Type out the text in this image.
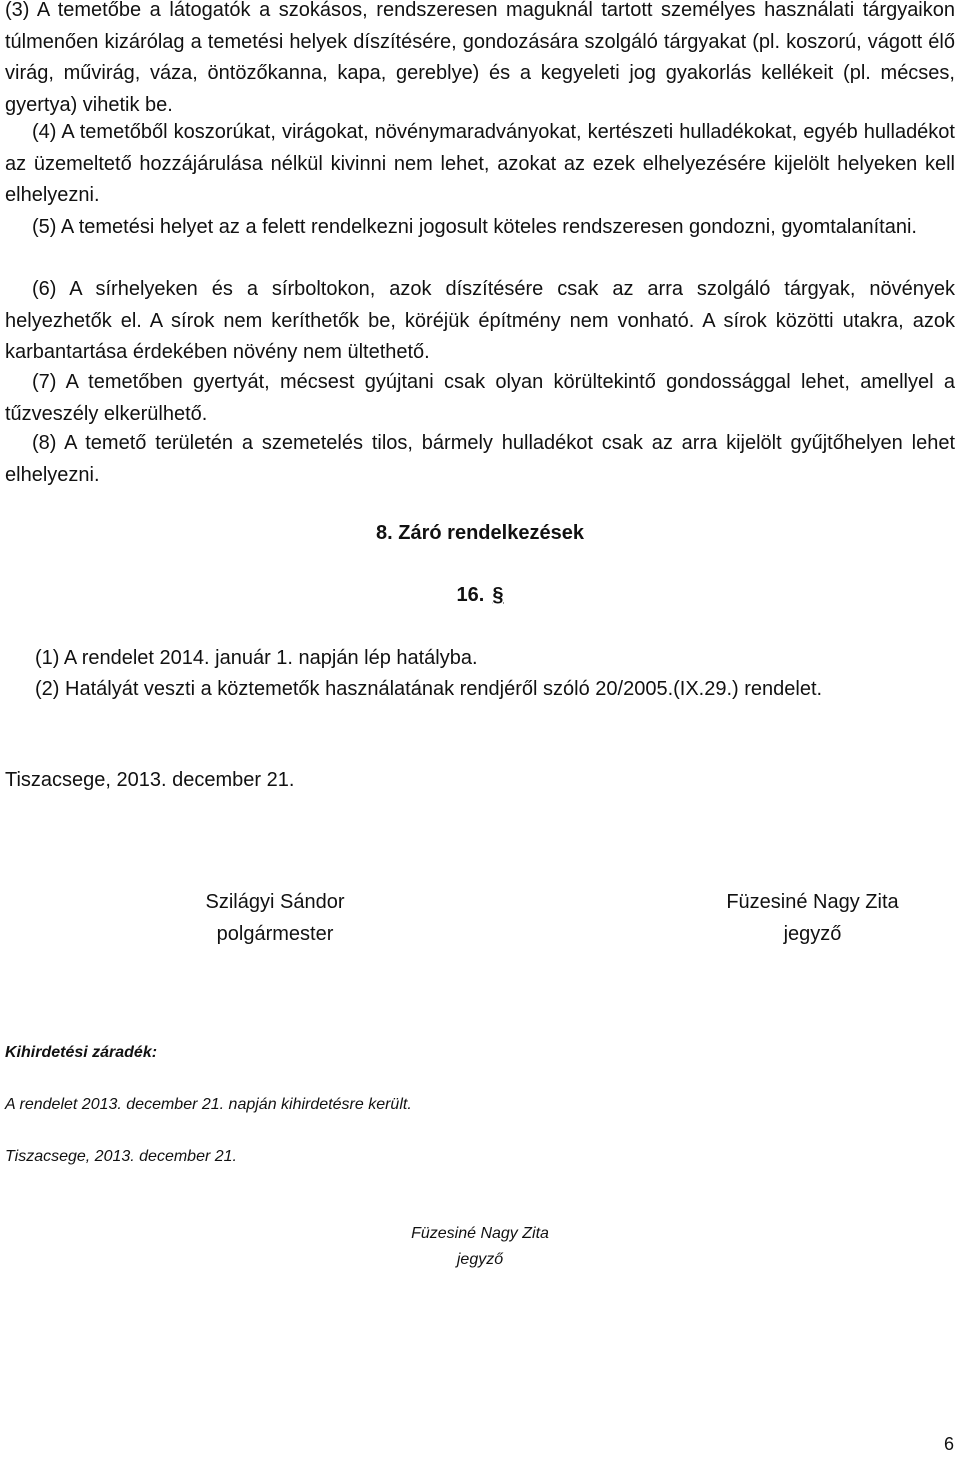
(3) A temetőbe a látogatók a szokásos, rendszeresen maguknál tartott személyes használati tárgyaikon túlmenően kizárólag a temetési helyek díszítésére, gondozására szolgáló tárgyakat (pl. koszorú, vágott élő virág, művirág, váza, öntözőkanna, kapa, gereblye) és a kegyeleti jog gyakorlás kellékeit (pl. mécses, gyertya) vihetik be.

(4) A temetőből koszorúkat, virágokat, növénymaradványokat, kertészeti hulladékokat, egyéb hulladékot az üzemeltető hozzájárulása nélkül kivinni nem lehet, azokat az ezek elhelyezésére kijelölt helyeken kell elhelyezni.

(5) A temetési helyet az a felett rendelkezni jogosult köteles rendszeresen gondozni, gyomtalanítani.

(6) A sírhelyeken és a sírboltokon, azok díszítésére csak az arra szolgáló tárgyak, növények helyezhetők el. A sírok nem keríthetők be, köréjük építmény nem vonható. A sírok közötti utakra, azok karbantartása érdekében növény nem ültethető.

(7) A temetőben gyertyát, mécsest gyújtani csak olyan körültekintő gondossággal lehet, amellyel a tűzveszély elkerülhető.

(8) A temető területén a szemetelés tilos, bármely hulladékot csak az arra kijelölt gyűjtőhelyen lehet elhelyezni.

8. Záró rendelkezések

16. §

(1) A rendelet 2014. január 1. napján lép hatályba.

(2) Hatályát veszti a köztemetők használatának rendjéről szóló 20/2005.(IX.29.) rendelet.

Tiszacsege, 2013. december 21.

Szilágyi Sándor
polgármester
Füzesiné Nagy Zita
jegyző

Kihirdetési záradék:

A rendelet 2013. december 21. napján kihirdetésre került.

Tiszacsege, 2013. december 21.

Füzesiné Nagy Zita
jegyző

6
